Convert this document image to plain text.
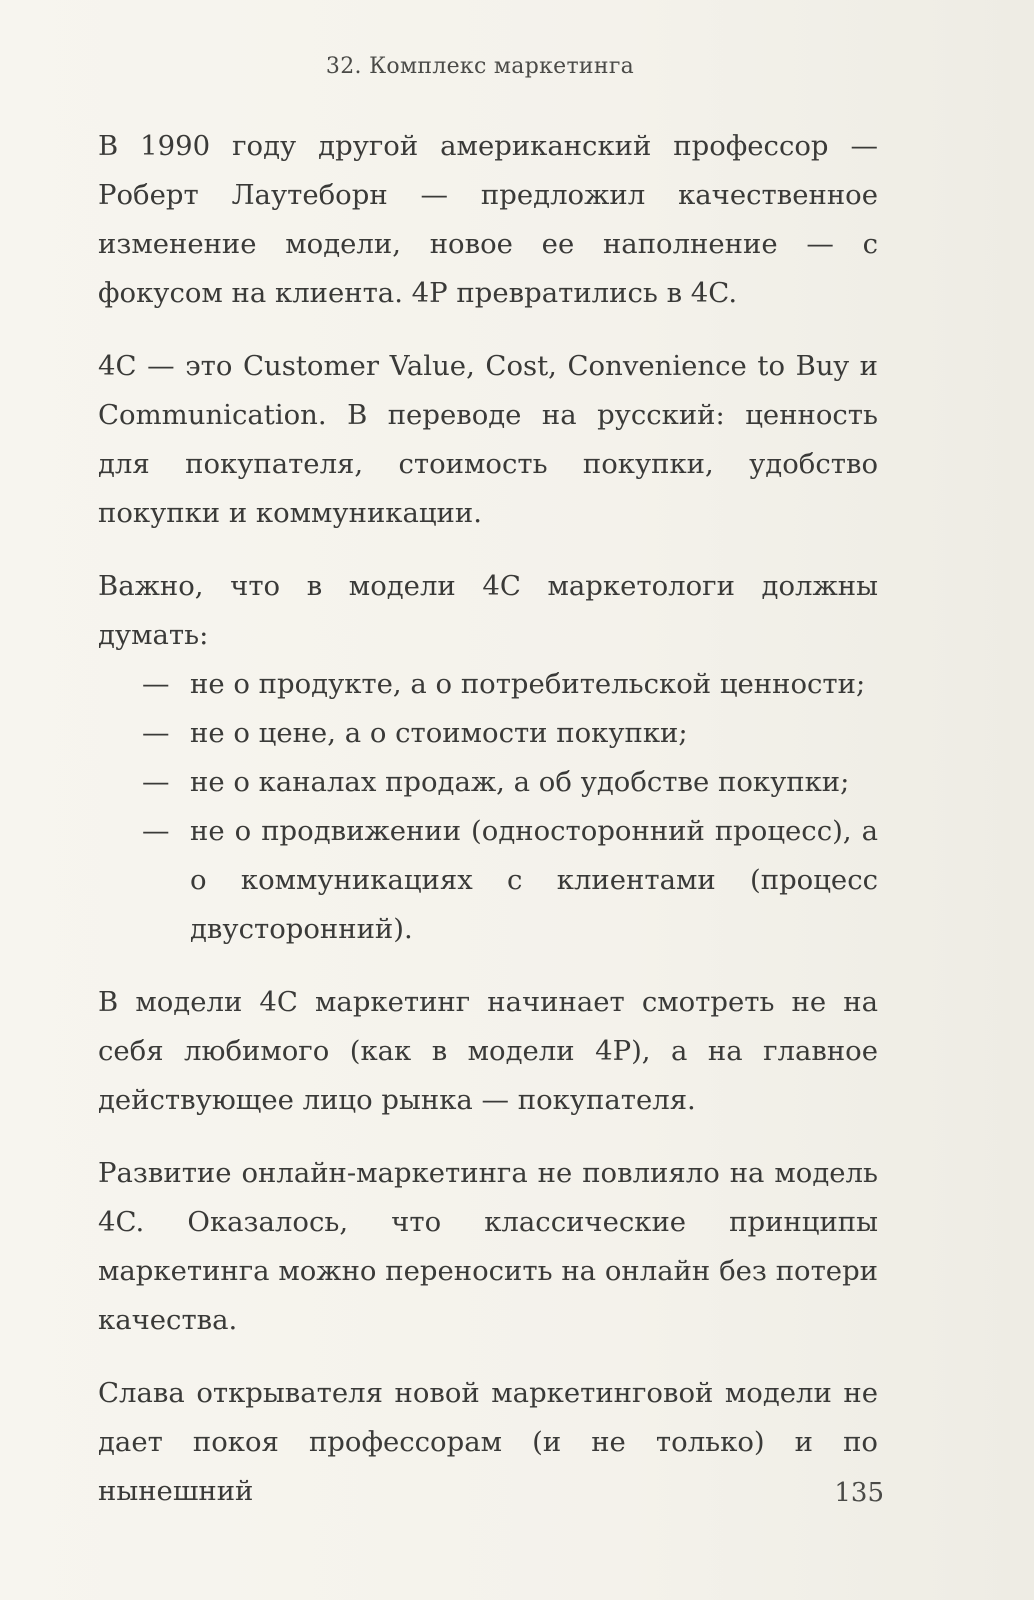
32. Комплекс маркетинга

В 1990 году другой американский профессор — Роберт Лаутеборн — предложил качественное изменение модели, новое ее наполнение — с фокусом на клиента. 4P превратились в 4C.

4C — это Customer Value, Cost, Convenience to Buy и Communication. В переводе на русский: ценность для покупателя, стоимость покупки, удобство покупки и коммуникации.

Важно, что в модели 4C маркетологи должны думать:

— не о продукте, а о потребительской ценности;
— не о цене, а о стоимости покупки;
— не о каналах продаж, а об удобстве покупки;
— не о продвижении (односторонний процесс), а о коммуникациях с клиентами (процесс двусторонний).

В модели 4C маркетинг начинает смотреть не на себя любимого (как в модели 4P), а на главное действующее лицо рынка — покупателя.

Развитие онлайн-маркетинга не повлияло на модель 4C. Оказалось, что классические принципы маркетинга можно переносить на онлайн без потери качества.

Слава открывателя новой маркетинговой модели не дает покоя профессорам (и не только) и по нынешний	135
